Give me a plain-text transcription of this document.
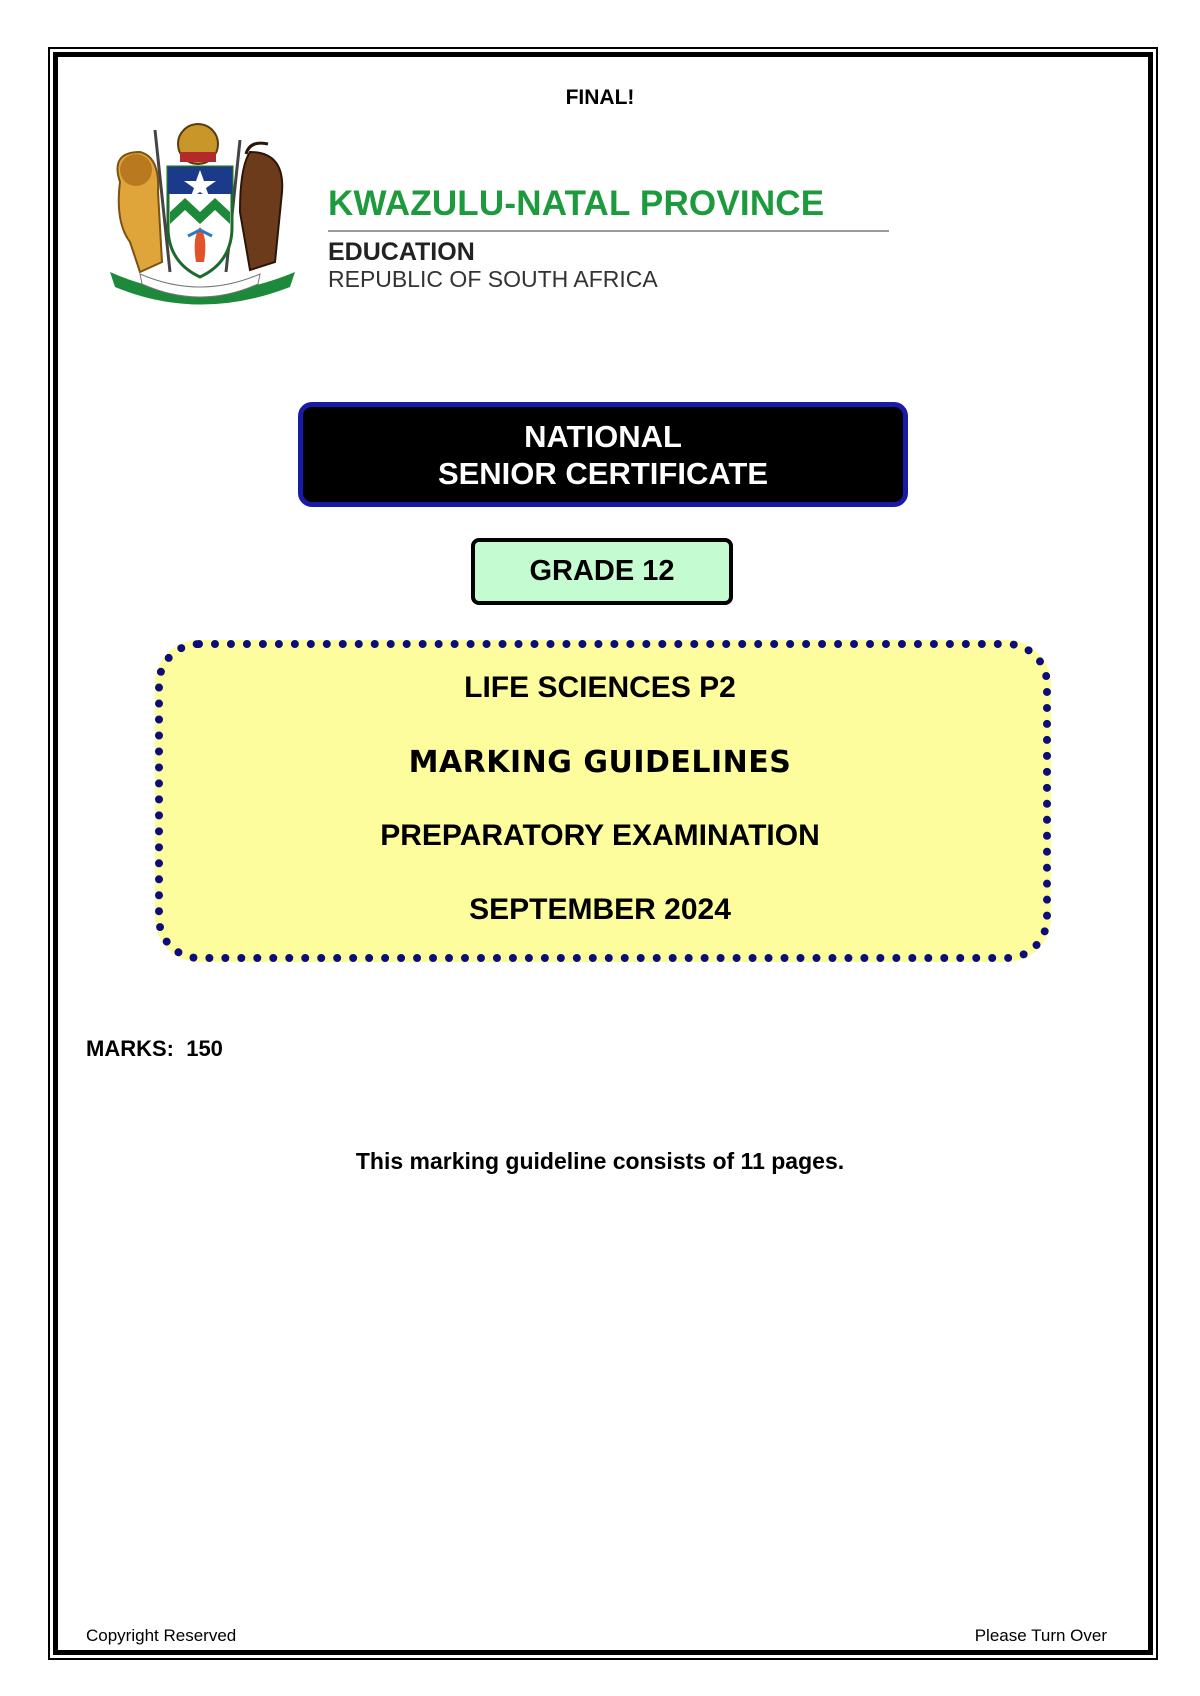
FINAL!
KWAZULU-NATAL PROVINCE
EDUCATION
REPUBLIC OF SOUTH AFRICA
NATIONAL
SENIOR CERTIFICATE
GRADE 12
LIFE SCIENCES P2
MARKING GUIDELINES
PREPARATORY EXAMINATION
SEPTEMBER 2024
MARKS:  150
This marking guideline consists of 11 pages.
Copyright Reserved	Please Turn Over
